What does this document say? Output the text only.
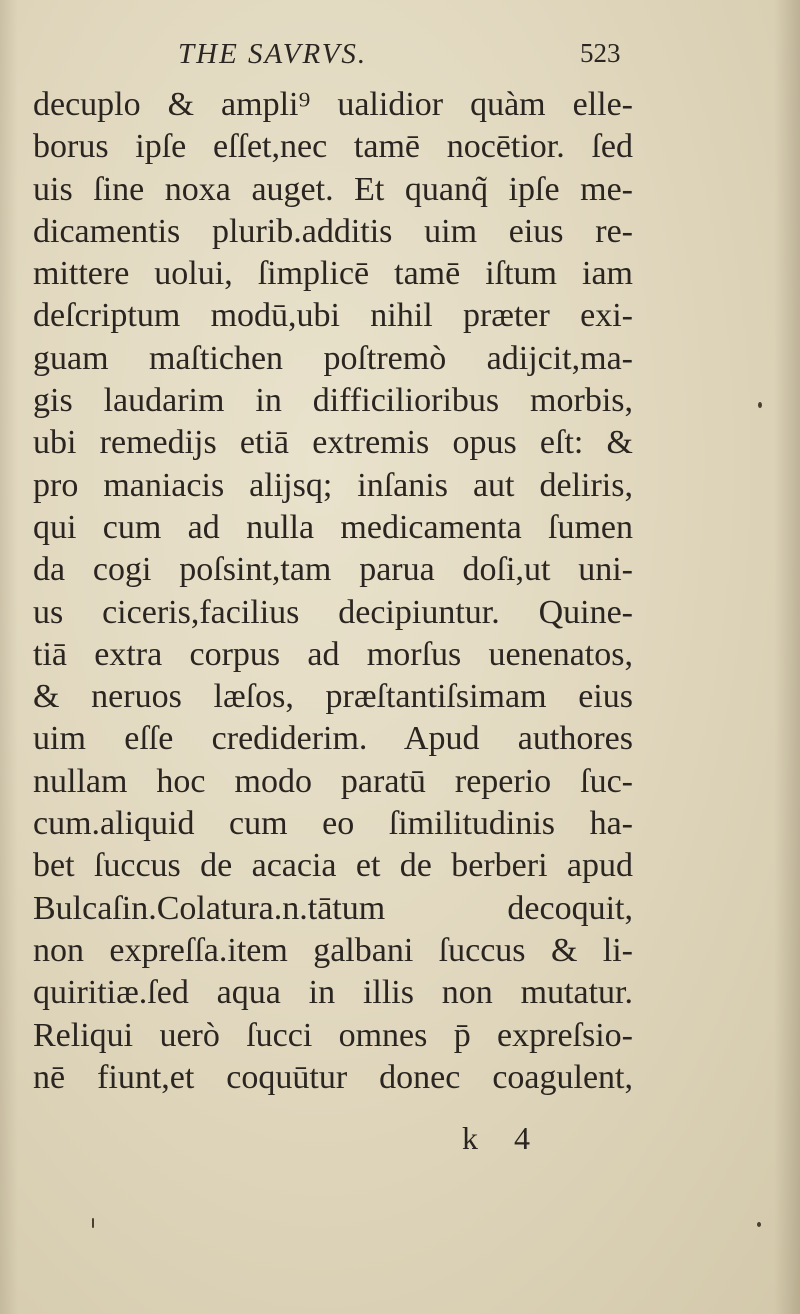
THE SAVRVS.	523
decuplo & ampli⁹ ualidior quàm elle-
borus ipſe eſſet,nec tamē nocētior. ſed
uis ſine noxa auget. Et quanq̃ ipſe me-
dicamentis plurib.additis uim eius re-
mittere uolui, ſimplicē tamē iſtum iam
deſcriptum modū,ubi nihil præter exi-
guam maſtichen poſtremò adijcit,ma-
gis laudarim in difficilioribus morbis,
ubi remedijs etiā extremis opus eſt: &
pro maniacis alijsq; inſanis aut deliris,
qui cum ad nulla medicamenta ſumen
da cogi poſsint,tam parua doſi,ut uni-
us ciceris,facilius decipiuntur. Quine-
tiā extra corpus ad morſus uenenatos,
& neruos læſos, præſtantiſsimam eius
uim eſſe crediderim. Apud authores
nullam hoc modo paratū reperio ſuc-
cum.aliquid cum eo ſimilitudinis ha-
bet ſuccus de acacia et de berberi apud
Bulcaſin.Colatura.n.tātum decoquit,
non expreſſa.item galbani ſuccus & li-
quiritiæ.ſed aqua in illis non mutatur.
Reliqui uerò ſucci omnes p̄ expreſsio-
nē fiunt,et coquūtur donec coagulent,
k 4
